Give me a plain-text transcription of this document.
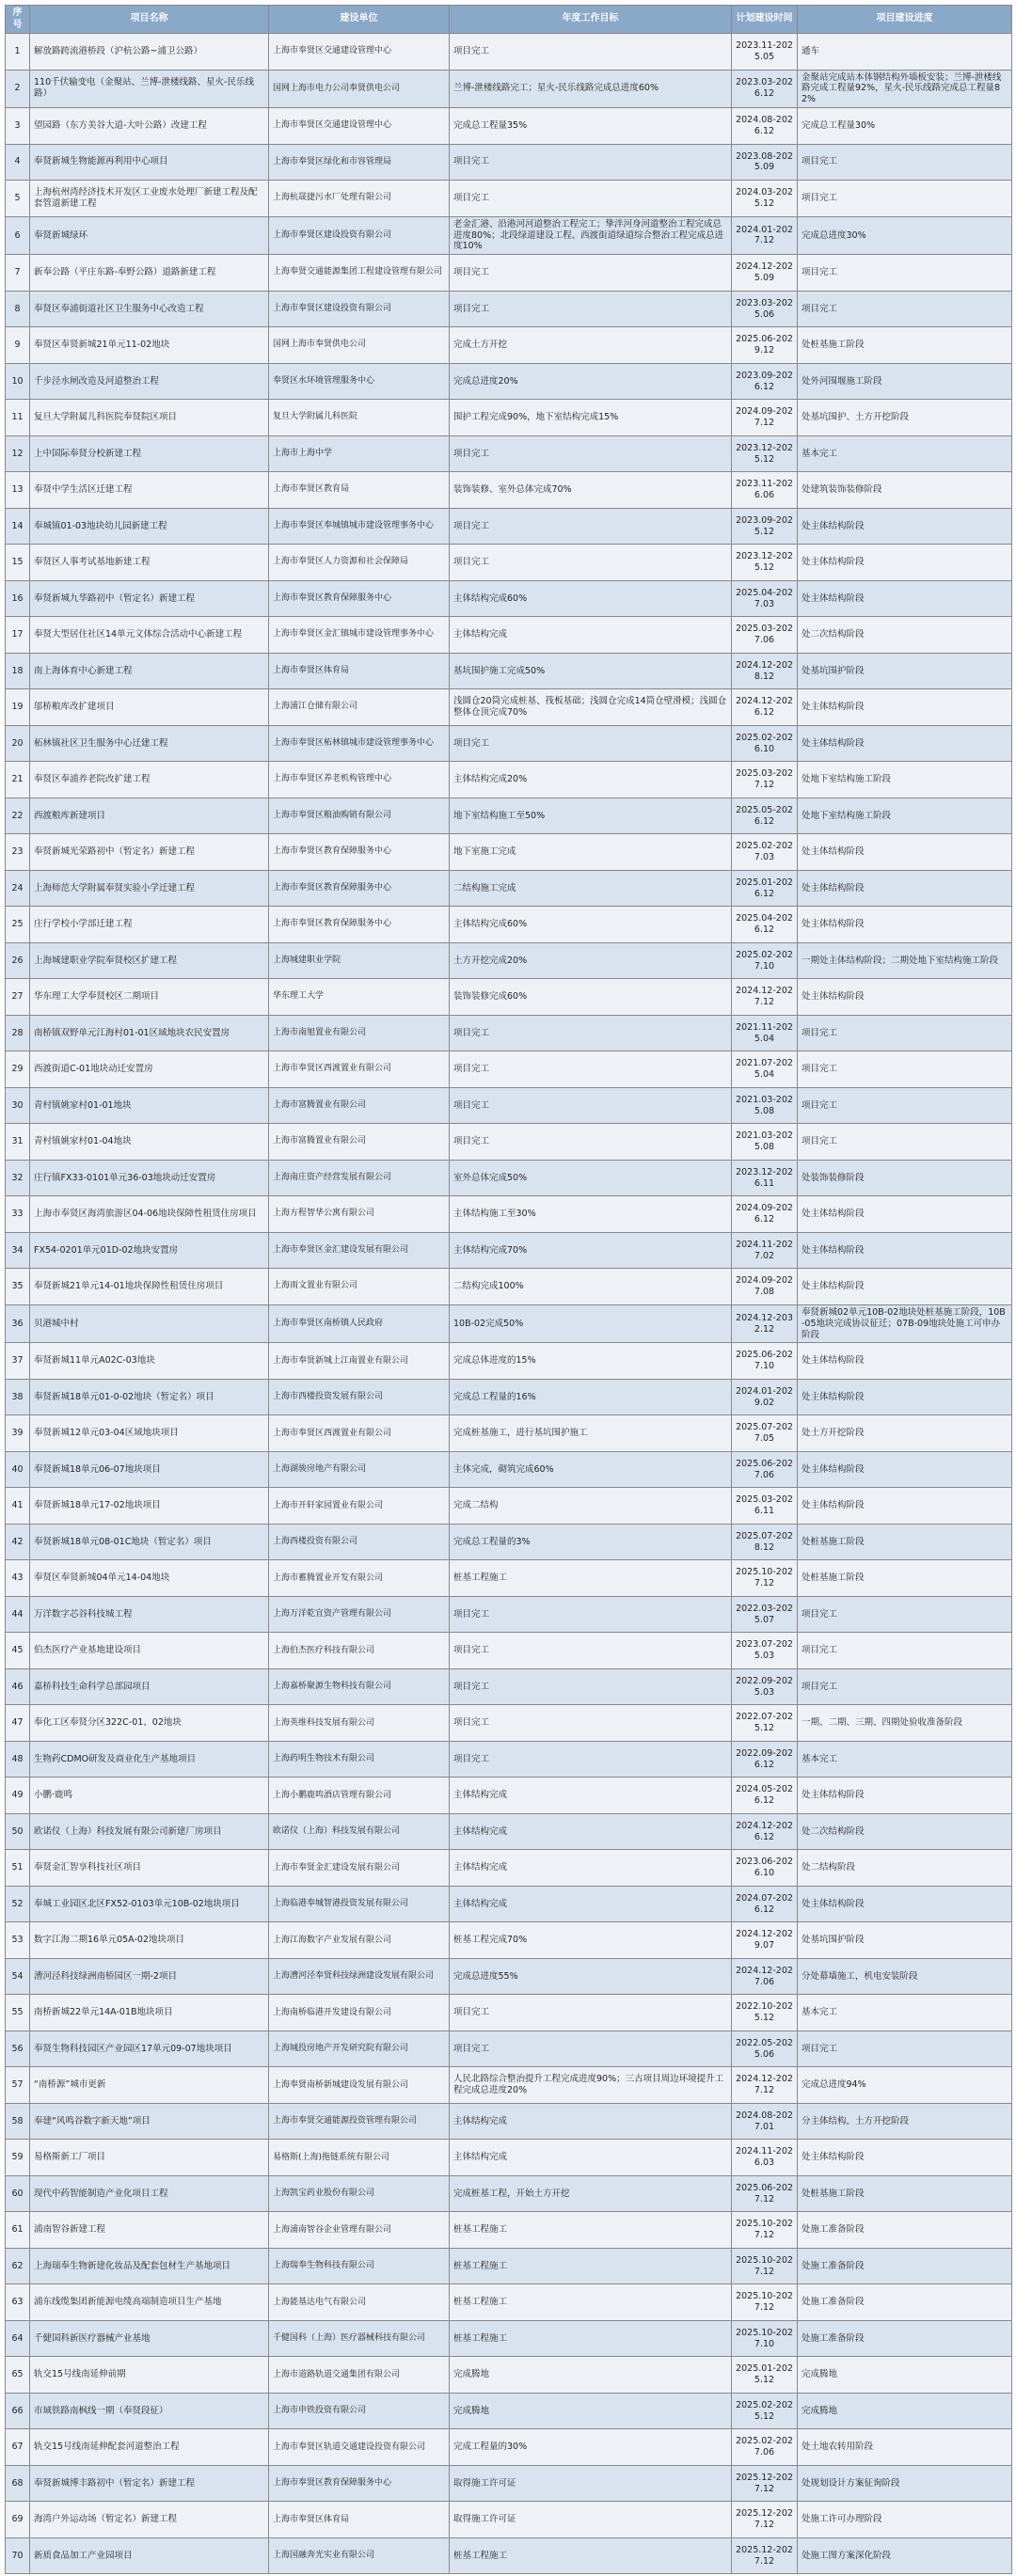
序号	项目名称	建设单位	年度工作目标	计划建设时间	项目建设进度
1	解放路跨流港桥段（沪杭公路~浦卫公路）	上海市奉贤区交通建设管理中心	项目完工	2023.11-2025.05	通车
2	110千伏输变电（金聚站、兰博-泄楼线路、星火-民乐线路）	国网上海市电力公司奉贤供电公司	兰博-泄楼线路完工；星火-民乐线路完成总进度60%	2023.03-2026.12	金聚站完成站本体钢结构外墙板安装；兰博-泄楼线路完成工程量92%，星火-民乐线路完成总工程量82%
3	望园路（东方美谷大道-大叶公路）改建工程	上海市奉贤区交通建设管理中心	完成总工程量35%	2024.08-2026.12	完成总工程量30%
4	奉贤新城生物能源再利用中心项目	上海市奉贤区绿化和市容管理局	项目完工	2023.08-2025.09	项目完工
5	上海杭州湾经济技术开发区工业废水处理厂新建工程及配套管道新建工程	上海杭晟捷污水厂处理有限公司	项目完工	2024.03-2025.12	项目完工
6	奉贤新城绿环	上海市奉贤区建设投资有限公司	老金汇港、沿港河河道整治工程完工；挚泮河身河道整治工程完成总进度80%；北段绿道建设工程、西渡街道绿道综合整治工程完成总进度10%	2024.01-2027.12	完成总进度30%
7	新奉公路（平庄东路-奉野公路）道路新建工程	上海奉贤交通能源集团工程建设管理有限公司	项目完工	2024.12-2025.09	项目完工
8	奉贤区奉浦街道社区卫生服务中心改造工程	上海市奉贤区建设投资有限公司	项目完工	2023.03-2025.06	项目完工
9	奉贤区奉贤新城21单元11-02地块	国网上海市奉贤供电公司	完成土方开挖	2025.06-2029.12	处桩基施工阶段
10	千步泾水闸改造及河道整治工程	奉贤区水环境管理服务中心	完成总进度20%	2023.09-2026.12	处外河围堰施工阶段
11	复旦大学附属儿科医院奉贤院区项目	复旦大学附属儿科医院	围护工程完成90%，地下室结构完成15%	2024.09-2027.12	处基坑围护、土方开挖阶段
12	上中国际奉贤分校新建工程	上海市上海中学	项目完工	2023.12-2025.12	基本完工
13	奉贤中学生活区迁建工程	上海市奉贤区教育局	装饰装修、室外总体完成70%	2023.11-2026.06	处建筑装饰装修阶段
14	奉城镇01-03地块幼儿园新建工程	上海市奉贤区奉城镇城市建设管理事务中心	项目完工	2023.09-2025.12	处主体结构阶段
15	奉贤区人事考试基地新建工程	上海市奉贤区人力资源和社会保障局	项目完工	2023.12-2025.12	处主体结构阶段
16	奉贤新城九华路初中（暂定名）新建工程	上海市奉贤区教育保障服务中心	主体结构完成60%	2025.04-2027.03	处主体结构阶段
17	奉贤大型居住社区14单元文体综合活动中心新建工程	上海市奉贤区金汇镇城市建设管理事务中心	主体结构完成	2025.03-2027.06	处二次结构阶段
18	南上海体育中心新建工程	上海市奉贤区体育局	基坑围护施工完成50%	2024.12-2028.12	处基坑围护阶段
19	邬桥粮库改扩建项目	上海浦江仓储有限公司	浅圆仓20筒完成桩基、筏板基础；浅圆仓完成14筒仓壁滑模；浅圆仓整体仓顶完成70%	2024.12-2026.12	处主体结构阶段
20	柘林镇社区卫生服务中心迁建工程	上海市奉贤区柘林镇城市建设管理事务中心	项目完工	2025.02-2026.10	处主体结构阶段
21	奉贤区奉浦养老院改扩建工程	上海市奉贤区养老机构管理中心	主体结构完成20%	2025.03-2027.12	处地下室结构施工阶段
22	西渡粮库新建项目	上海市奉贤区粮油购销有限公司	地下室结构施工至50%	2025.05-2026.12	处地下室结构施工阶段
23	奉贤新城光荣路初中（暂定名）新建工程	上海市奉贤区教育保障服务中心	地下室施工完成	2025.02-2027.03	处主体结构阶段
24	上海师范大学附属奉贤实验小学迁建工程	上海市奉贤区教育保障服务中心	二结构施工完成	2025.01-2026.12	处主体结构阶段
25	庄行学校小学部迁建工程	上海市奉贤区教育保障服务中心	主体结构完成60%	2025.04-2026.12	处主体结构阶段
26	上海城建职业学院奉贤校区扩建工程	上海城建职业学院	土方开挖完成20%	2025.02-2027.10	一期处主体结构阶段；二期处地下室结构施工阶段
27	华东理工大学奉贤校区二期项目	华东理工大学	装饰装修完成60%	2024.12-2027.12	处主体结构阶段
28	南桥镇双野单元江海村01-01区域地块农民安置房	上海市南旭置业有限公司	项目完工	2021.11-2025.04	项目完工
29	西渡街道C-01地块动迁安置房	上海市奉贤区西渡置业有限公司	项目完工	2021.07-2025.04	项目完工
30	青村镇姚家村01-01地块	上海市富腾置业有限公司	项目完工	2021.03-2025.08	项目完工
31	青村镇姚家村01-04地块	上海市富腾置业有限公司	项目完工	2021.03-2025.08	项目完工
32	庄行镇FX33-0101单元36-03地块动迁安置房	上海南庄资产经营发展有限公司	室外总体完成50%	2023.12-2026.11	处装饰装修阶段
33	上海市奉贤区海湾旅游区04-06地块保障性租赁住房项目	上海方程智华公寓有限公司	主体结构施工至30%	2024.09-2026.12	处主体结构阶段
34	FX54-0201单元01D-02地块安置房	上海市奉贤区金汇建设发展有限公司	主体结构完成70%	2024.11-2027.02	处主体结构阶段
35	奉贤新城21单元14-01地块保障性租赁住房项目	上海雨文置业有限公司	二结构完成100%	2024.09-2027.08	处主体结构阶段
36	贝港城中村	上海市奉贤区南桥镇人民政府	10B-02完成50%	2024.12-2032.12	奉贤新城02单元10B-02地块处桩基施工阶段，10B-05地块完成协议征迁；07B-09地块处施工可申办阶段
37	奉贤新城11单元A02C-03地块	上海市奉贤新城上江南置业有限公司	完成总体进度的15%	2025.06-2027.10	处主体结构阶段
38	奉贤新城18单元01-0-02地块（暂定名）项目	上海市西楼投资发展有限公司	完成总工程量的16%	2024.01-2029.02	处主体结构阶段
39	奉贤新城12单元03-04区域地块项目	上海市奉贤区西渡置业有限公司	完成桩基施工，进行基坑围护施工	2025.07-2027.05	处土方开挖阶段
40	奉贤新城18单元06-07地块项目	上海湖骏房地产有限公司	主体完成，砌筑完成60%	2025.06-2027.06	处主体结构阶段
41	奉贤新城18单元17-02地块项目	上海市开轩家园置业有限公司	完成二结构	2025.03-2026.11	处主体结构阶段
42	奉贤新城18单元08-01C地块（暂定名）项目	上海西楼投资有限公司	完成总工程量的3%	2025.07-2028.12	处桩基施工阶段
43	奉贤区奉贤新城04单元14-04地块	上海市蓄腾置业开发有限公司	桩基工程施工	2025.10-2027.12	处桩基施工阶段
44	万洋数字芯谷科技城工程	上海万洋乾宜资产管理有限公司	项目完工	2022.03-2025.07	项目完工
45	伯杰医疗产业基地建设项目	上海伯杰医疗科技有限公司	项目完工	2023.07-2025.03	项目完工
46	嘉桥科技生命科学总部园项目	上海嘉桥聚源生物科技有限公司	项目完工	2022.09-2025.03	项目完工
47	奉化工区奉贤分区322C-01、02地块	上海英维科技发展有限公司	项目完工	2022.07-2025.12	一期、二期、三期、四期处验收准备阶段
48	生物药CDMO研发及商业化生产基地项目	上海药明生物技术有限公司	项目完工	2022.09-2026.12	基本完工
49	小鹏·鹿鸣	上海小鹏鹿鸣酒店管理有限公司	主体结构完成	2024.05-2026.12	处主体结构阶段
50	欧诺仪（上海）科技发展有限公司新建厂房项目	欧诺仪（上海）科技发展有限公司	主体结构完成	2024.12-2026.12	处二次结构阶段
51	奉贤金汇智享科技社区项目	上海市奉贤金汇建设发展有限公司	主体结构完成	2023.06-2026.10	处二结构阶段
52	奉城工业园区北区FX52-0103单元10B-02地块项目	上海临港奉城智港投资发展有限公司	主体结构完成	2024.07-2026.12	处主体结构阶段
53	数字江海二期16单元05A-02地块项目	上海江海数字产业发展有限公司	桩基工程完成70%	2024.12-2029.07	处基坑围护阶段
54	漕河泾科技绿洲南桥园区一期-2项目	上海漕河泾奉贤科技绿洲建设发展有限公司	完成总进度55%	2024.12-2027.06	分处幕墙施工，机电安装阶段
55	南桥新城22单元14A-01B地块项目	上海南桥临港开发建设有限公司	项目完工	2022.10-2025.12	基本完工
56	奉贤生物科技园区产业园区17单元09-07地块项目	上海城投房地产开发研究院有限公司	项目完工	2022.05-2025.06	项目完工
57	“南桥源”城市更新	上海奉贤南桥新城建设发展有限公司	人民北路综合整治提升工程完成进度90%；三古项目周边环境提升工程完成总进度20%	2024.12-2027.12	完成总进度94%
58	奉建“风鸣谷数字新天地”项目	上海市奉贤交通能源投资管理有限公司	主体结构完成	2024.08-2027.01	分主体结构，土方开挖阶段
59	易格斯新工厂项目	易格斯(上海)拖链系统有限公司	主体结构完成	2024.11-2026.03	处主体结构阶段
60	现代中药智能制造产业化项目工程	上海凯宝药业股份有限公司	完成桩基工程，开始土方开挖	2025.06-2027.12	处桩基施工阶段
61	浦南智谷新建工程	上海浦南智谷企业管理有限公司	桩基工程施工	2025.10-2027.12	处施工准备阶段
62	上海瑞奉生物新建化妆品及配套包材生产基地项目	上海瑞奉生物科技有限公司	桩基工程施工	2025.10-2027.12	处施工准备阶段
63	浦东线缆集团新能源电缆高端制造项目生产基地	上海能基达电气有限公司	桩基工程施工	2025.10-2027.12	处施工准备阶段
64	千健国科新医疗器械产业基地	千健国科（上海）医疗器械科技有限公司	桩基工程施工	2025.10-2027.10	处施工准备阶段
65	轨交15号线南延伸前期	上海市道路轨道交通集团有限公司	完成腾地	2025.01-2025.12	完成腾地
66	市域铁路南枫线一期（奉贤段征）	上海市申铁投资有限公司	完成腾地	2025.02-2025.12	完成腾地
67	轨交15号线南延伸配套河道整治工程	上海市奉贤区轨道交通建设投资有限公司	完成工程量的30%	2025.02-2027.06	处土地农转用阶段
68	奉贤新城博丰路初中（暂定名）新建工程	上海市奉贤区教育保障服务中心	取得施工许可证	2025.12-2027.12	处规划设计方案征询阶段
69	海湾户外运动场（暂定名）新建工程	上海市奉贤区体育局	取得施工许可证	2025.12-2027.12	处施工许可办理阶段
70	新质食品加工产业园项目	上海国融奔光实业有限公司	桩基工程施工	2025.12-2027.12	处施工图方案深化阶段
